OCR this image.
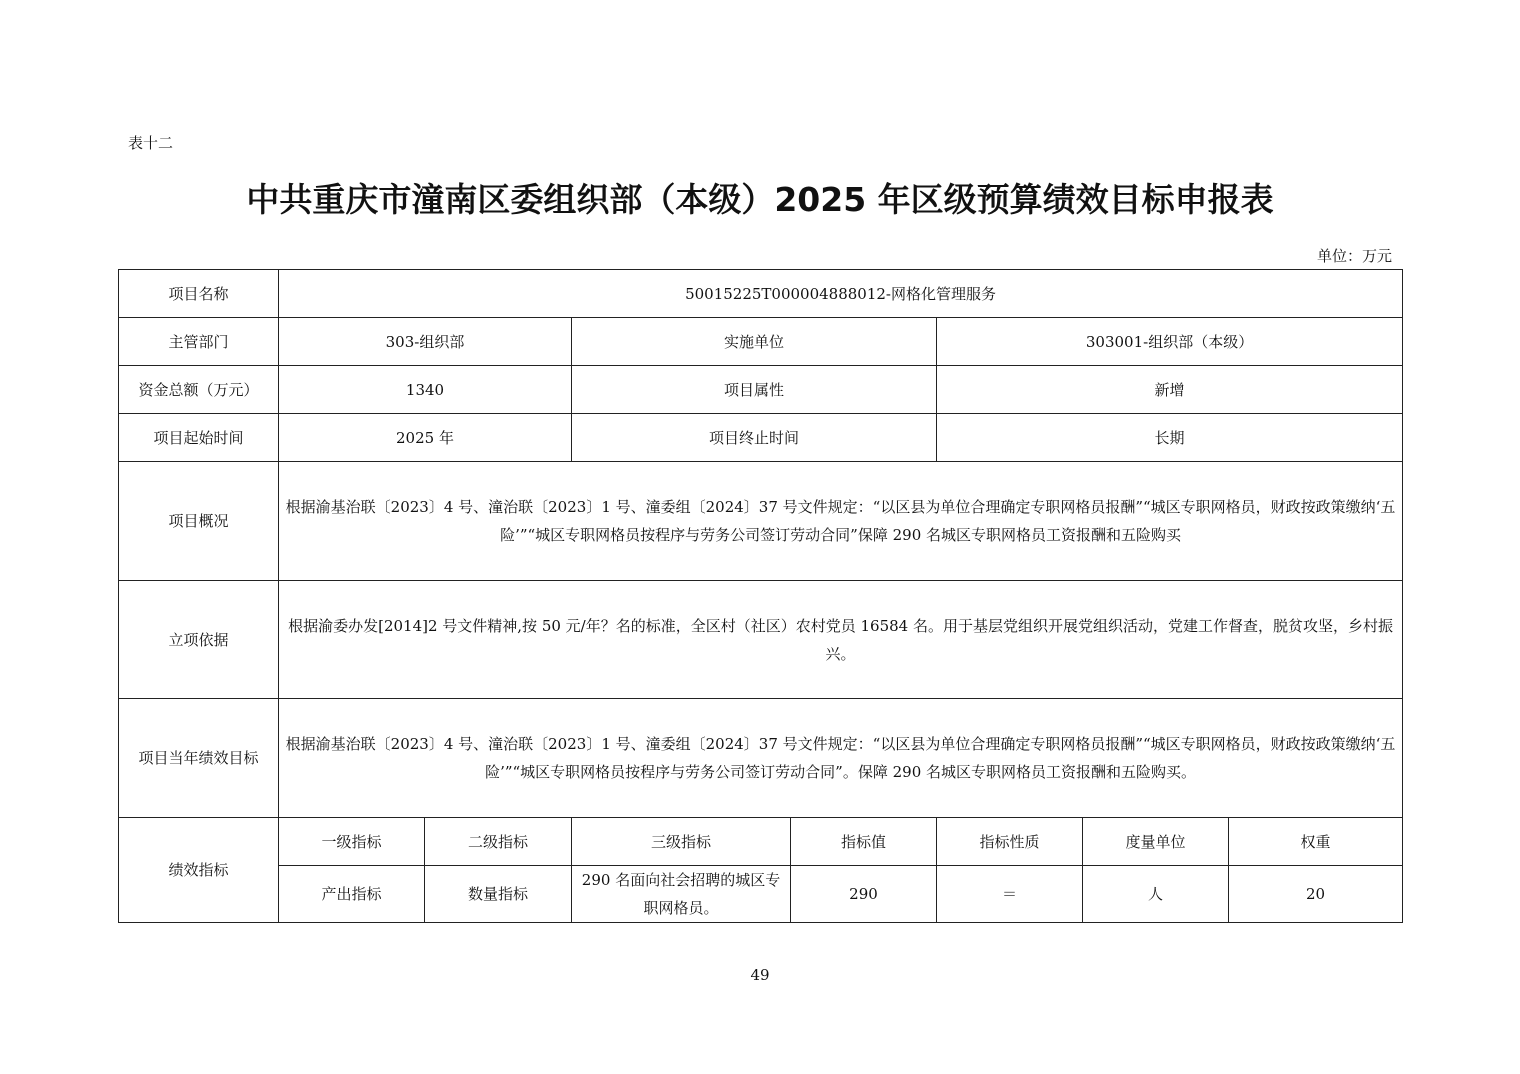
表十二
中共重庆市潼南区委组织部（本级）2025 年区级预算绩效目标申报表
单位：万元
项目名称	50015225T000004888012-网格化管理服务						
主管部门	303-组织部		实施单位		303001-组织部（本级）		
资金总额（万元）	1340		项目属性		新增		
项目起始时间	2025 年		项目终止时间		长期		
项目概况	根据渝基治联〔2023〕4 号、潼治联〔2023〕1 号、潼委组〔2024〕37 号文件规定：“以区县为单位合理确定专职网格员报酬”“城区专职网格员，财政按政策缴纳‘五险’”“城区专职网格员按程序与劳务公司签订劳动合同”保障 290 名城区专职网格员工资报酬和五险购买						
立项依据	根据渝委办发[2014]2 号文件精神,按 50 元/年？名的标准，全区村（社区）农村党员 16584 名。用于基层党组织开展党组织活动，党建工作督查，脱贫攻坚，乡村振兴。						
项目当年绩效目标	根据渝基治联〔2023〕4 号、潼治联〔2023〕1 号、潼委组〔2024〕37 号文件规定：“以区县为单位合理确定专职网格员报酬”“城区专职网格员，财政按政策缴纳‘五险’”“城区专职网格员按程序与劳务公司签订劳动合同”。保障 290 名城区专职网格员工资报酬和五险购买。						
绩效指标	一级指标	二级指标	三级指标	指标值	指标性质	度量单位	权重
	产出指标	数量指标	290 名面向社会招聘的城区专职网格员。	290	＝	人	20
49
